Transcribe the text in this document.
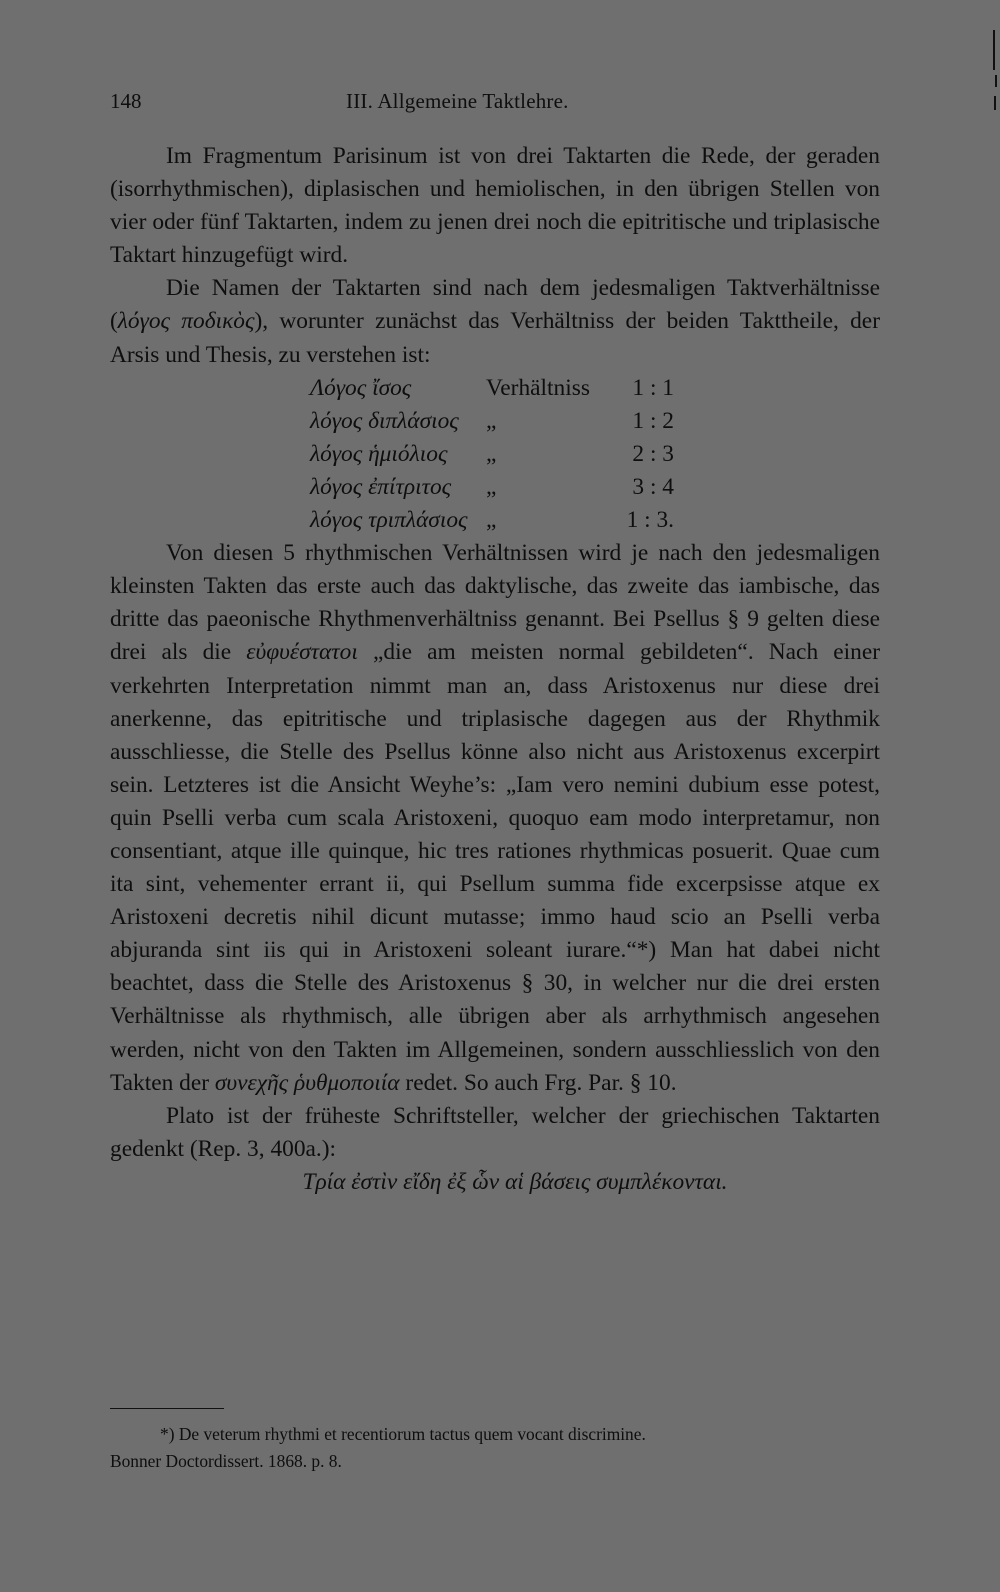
148	III. Allgemeine Taktlehre.

Im Fragmentum Parisinum ist von drei Taktarten die Rede, der geraden (isorrhythmischen), diplasischen und hemiolischen, in den übrigen Stellen von vier oder fünf Taktarten, indem zu jenen drei noch die epitritische und triplasische Taktart hinzugefügt wird.

Die Namen der Taktarten sind nach dem jedesmaligen Taktverhältnisse (λόγος ποδικὸς), worunter zunächst das Verhältniss der beiden Takttheile, der Arsis und Thesis, zu verstehen ist:

Λόγος ἴσος	Verhältniss	1 : 1
λόγος διπλάσιος	„	1 : 2
λόγος ἡμιόλιος	„	2 : 3
λόγος ἐπίτριτος	„	3 : 4
λόγος τριπλάσιος	„	1 : 3.

Von diesen 5 rhythmischen Verhältnissen wird je nach den jedesmaligen kleinsten Takten das erste auch das daktylische, das zweite das iambische, das dritte das paeonische Rhythmenverhältniss genannt. Bei Psellus § 9 gelten diese drei als die εὐφυέστατοι „die am meisten normal gebildeten“. Nach einer verkehrten Interpretation nimmt man an, dass Aristoxenus nur diese drei anerkenne, das epitritische und triplasische dagegen aus der Rhythmik ausschliesse, die Stelle des Psellus könne also nicht aus Aristoxenus excerpirt sein. Letzteres ist die Ansicht Weyhe’s: „Iam vero nemini dubium esse potest, quin Pselli verba cum scala Aristoxeni, quoquo eam modo interpretamur, non consentiant, atque ille quinque, hic tres rationes rhythmicas posuerit. Quae cum ita sint, vehementer errant ii, qui Psellum summa fide excerpsisse atque ex Aristoxeni decretis nihil dicunt mutasse; immo haud scio an Pselli verba abjuranda sint iis qui in Aristoxeni soleant iurare.“*) Man hat dabei nicht beachtet, dass die Stelle des Aristoxenus § 30, in welcher nur die drei ersten Verhältnisse als rhythmisch, alle übrigen aber als arrhythmisch angesehen werden, nicht von den Takten im Allgemeinen, sondern ausschliesslich von den Takten der συνεχῆς ῥυθμοποιία redet. So auch Frg. Par. § 10.

Plato ist der früheste Schriftsteller, welcher der griechischen Taktarten gedenkt (Rep. 3, 400a.):

Τρία ἐστὶν εἴδη ἐξ ὧν αἱ βάσεις συμπλέκονται.

*) De veterum rhythmi et recentiorum tactus quem vocant discrimine.

Bonner Doctordissert. 1868. p. 8.
